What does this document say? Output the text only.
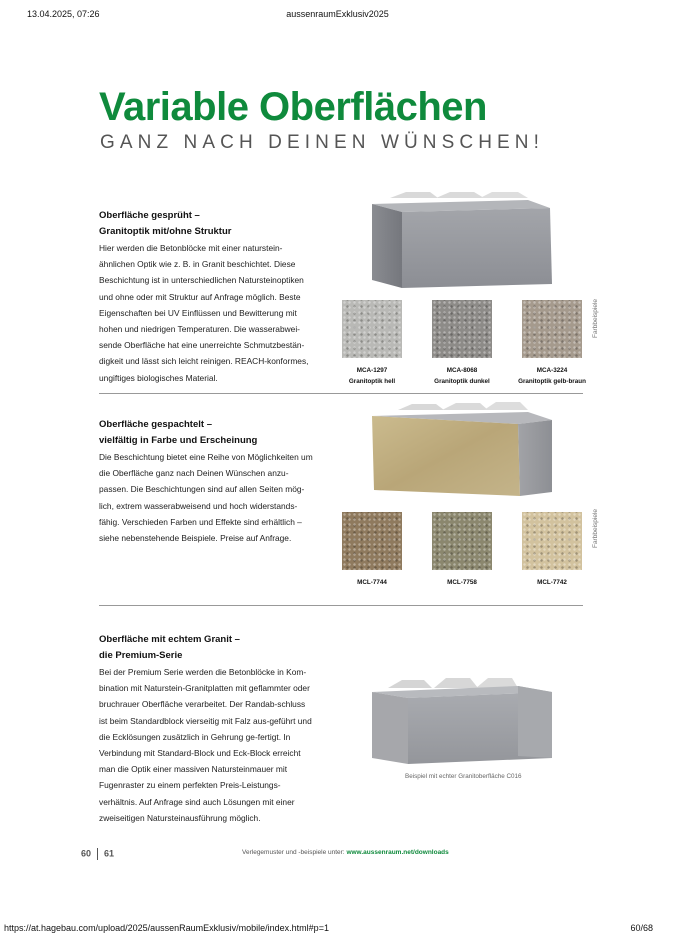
13.04.2025, 07:26	aussenraumExklusiv2025
Variable Oberflächen
GANZ NACH DEINEN WÜNSCHEN!
Oberfläche gesprüht –
Granitoptik mit/ohne Struktur
Hier werden die Betonblöcke mit einer naturstein-ähnlichen Optik wie z. B. in Granit beschichtet. Diese Beschichtung ist in unterschiedlichen Natursteinoptiken und ohne oder mit Struktur auf Anfrage möglich. Beste Eigenschaften bei UV Einflüssen und Bewitterung mit hohen und niedrigen Temperaturen. Die wasserabwei-sende Oberfläche hat eine unerreichte Schmutzbestän-digkeit und lässt sich leicht reinigen. REACH-konformes, ungiftiges biologisches Material.
MCA-1297
Granitoptik hell
MCA-8068
Granitoptik dunkel
MCA-3224
Granitoptik gelb-braun
Farbbeispiele
Oberfläche gespachtelt –
vielfältig in Farbe und Erscheinung
Die Beschichtung bietet eine Reihe von Möglichkeiten um die Oberfläche ganz nach Deinen Wünschen anzu-passen. Die Beschichtungen sind auf allen Seiten mög-lich, extrem wasserabweisend und hoch widerstands-fähig. Verschieden Farben und Effekte sind erhältlich – siehe nebenstehende Beispiele. Preise auf Anfrage.
MCL-7744	MCL-7758	MCL-7742
Farbbeispiele
Oberfläche mit echtem Granit –
die Premium-Serie
Bei der Premium Serie werden die Betonblöcke in Kom-bination mit Naturstein-Granitplatten mit geflammter oder bruchrauer Oberfläche verarbeitet. Der Randab-schluss ist beim Standardblock vierseitig mit Falz aus-geführt und die Ecklösungen zusätzlich in Gehrung ge-fertigt. In Verbindung mit Standard-Block und Eck-Block erreicht man die Optik einer massiven Natursteinmauer mit Fugenraster zu einem perfekten Preis-Leistungs-verhältnis. Auf Anfrage sind auch Lösungen mit einer zweiseitigen Natursteinausführung möglich.
Beispiel mit echter Granitoberfläche C016
60 61	Verlegemuster und -beispiele unter: www.aussenraum.net/downloads
https://at.hagebau.com/upload/2025/aussenRaumExklusiv/mobile/index.html#p=1	60/68
